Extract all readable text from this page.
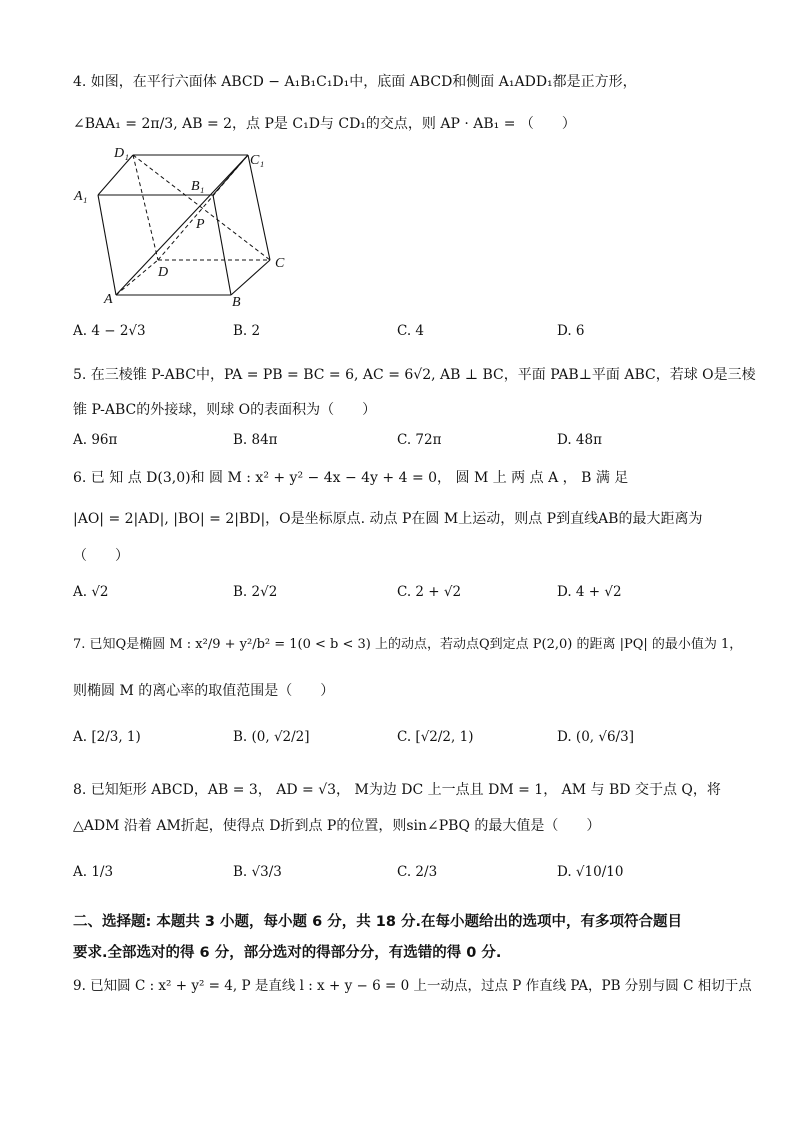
4. 如图，在平行六面体 ABCD − A₁B₁C₁D₁中，底面 ABCD和侧面 A₁ADD₁都是正方形，
∠BAA₁ = 2π/3, AB = 2，点 P是 C₁D与 CD₁的交点，则 AP · AB₁ = （　　）
D₁	C₁
B₁
A₁
P
D
C
A	B
A. 4 − 2√3	B. 2	C. 4	D. 6
5. 在三棱锥 P-ABC中，PA = PB = BC = 6, AC = 6√2, AB ⊥ BC，平面 PAB⊥平面 ABC，若球 O是三棱
锥 P-ABC的外接球，则球 O的表面积为（　　）
A. 96π	B. 84π	C. 72π	D. 48π
6. 已 知 点 D(3,0)和 圆 M : x² + y² − 4x − 4y + 4 = 0， 圆 M 上 两 点 A ， B 满 足
|AO| = 2|AD|, |BO| = 2|BD|，O是坐标原点. 动点 P在圆 M上运动，则点 P到直线AB的最大距离为
（　　）
A. √2	B. 2√2	C. 2 + √2	D. 4 + √2
7. 已知Q是椭圆 M : x²/9 + y²/b² = 1(0 < b < 3) 上的动点，若动点Q到定点 P(2,0) 的距离 |PQ| 的最小值为 1，
则椭圆 M 的离心率的取值范围是（　　）
A. [2/3, 1)	B. (0, √2/2]	C. [√2/2, 1)	D. (0, √6/3]
8. 已知矩形 ABCD，AB = 3， AD = √3， M为边 DC 上一点且 DM = 1， AM 与 BD 交于点 Q，将
△ADM 沿着 AM折起，使得点 D折到点 P的位置，则sin∠PBQ 的最大值是（　　）
A. 1/3	B. √3/3	C. 2/3	D. √10/10
二、选择题: 本题共 3 小题，每小题 6 分，共 18 分.在每小题给出的选项中，有多项符合题目
要求.全部选对的得 6 分，部分选对的得部分分，有选错的得 0 分.
9. 已知圆 C : x² + y² = 4, P 是直线 l : x + y − 6 = 0 上一动点，过点 P 作直线 PA，PB 分别与圆 C 相切于点
